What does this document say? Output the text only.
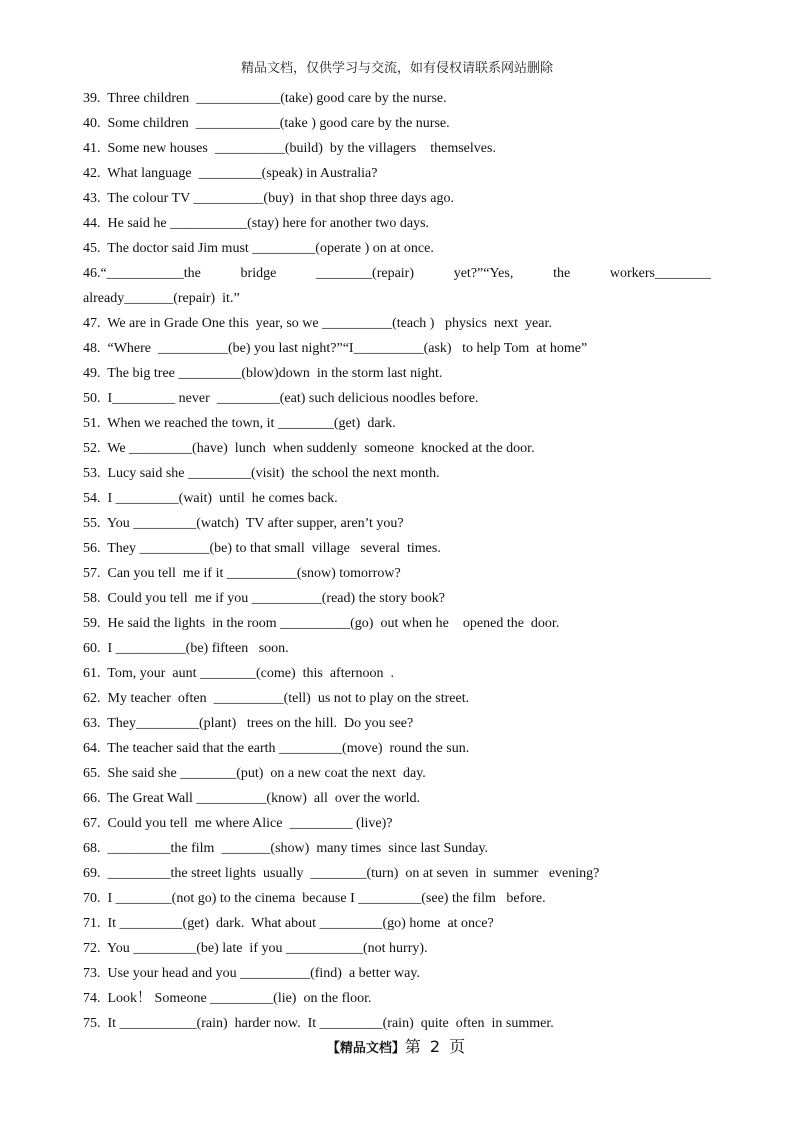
精品文档，仅供学习与交流，如有侵权请联系网站删除
39.  Three children  ____________(take) good care by the nurse.
40.  Some children  ____________(take ) good care by the nurse.
41.  Some new houses  __________(build)  by the villagers    themselves.
42.  What language  _________(speak) in Australia?
43.  The colour TV __________(buy)  in that shop three days ago.
44.  He said he ___________(stay) here for another two days.
45.  The doctor said Jim must _________(operate ) on at once.
46.“___________the	bridge	________(repair)	yet?”“Yes,	the	workers________
already_______(repair)  it.”
47.  We are in Grade One this  year, so we __________(teach )   physics  next  year.
48.  “Where  __________(be) you last night?”“I__________(ask)   to help Tom  at home”
49.  The big tree _________(blow)down  in the storm last night.
50.  I_________ never  _________(eat) such delicious noodles before.
51.  When we reached the town, it ________(get)  dark.
52.  We _________(have)  lunch  when suddenly  someone  knocked at the door.
53.  Lucy said she _________(visit)  the school the next month.
54.  I _________(wait)  until  he comes back.
55.  You _________(watch)  TV after supper, aren’t you?
56.  They __________(be) to that small  village   several  times.
57.  Can you tell  me if it __________(snow) tomorrow?
58.  Could you tell  me if you __________(read) the story book?
59.  He said the lights  in the room __________(go)  out when he    opened the  door.
60.  I __________(be) fifteen   soon.
61.  Tom, your  aunt ________(come)  this  afternoon  .
62.  My teacher  often  __________(tell)  us not to play on the street.
63.  They_________(plant)   trees on the hill.  Do you see?
64.  The teacher said that the earth _________(move)  round the sun.
65.  She said she ________(put)  on a new coat the next  day.
66.  The Great Wall __________(know)  all  over the world.
67.  Could you tell  me where Alice  _________ (live)?
68.  _________the film  _______(show)  many times  since last Sunday.
69.  _________the street lights  usually  ________(turn)  on at seven  in  summer   evening?
70.  I ________(not go) to the cinema  because I _________(see) the film   before.
71.  It _________(get)  dark.  What about _________(go) home  at once?
72.  You _________(be) late  if you ___________(not hurry).
73.  Use your head and you __________(find)  a better way.
74.  Look！ Someone _________(lie)  on the floor.
75.  It ___________(rain)  harder now.  It _________(rain)  quite  often  in summer.
【精品文档】第 2 页
